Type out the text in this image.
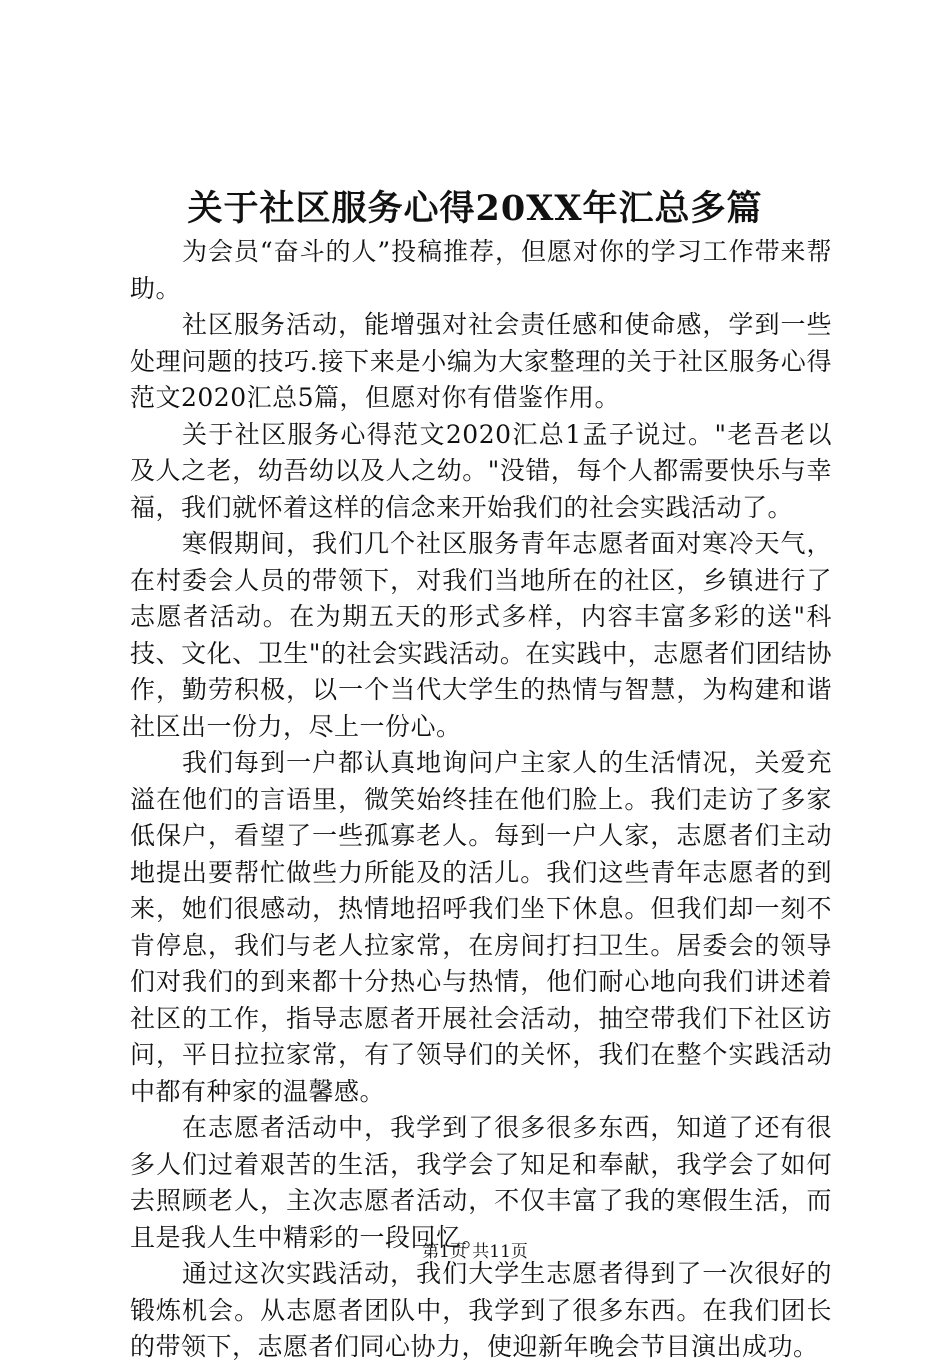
关于社区服务心得20XX年汇总多篇

为会员“奋斗的人”投稿推荐，但愿对你的学习工作带来帮助。

社区服务活动，能增强对社会责任感和使命感，学到一些处理问题的技巧.接下来是小编为大家整理的关于社区服务心得范文2020汇总5篇，但愿对你有借鉴作用。

关于社区服务心得范文2020汇总1孟子说过。"老吾老以及人之老，幼吾幼以及人之幼。"没错，每个人都需要快乐与幸福，我们就怀着这样的信念来开始我们的社会实践活动了。

寒假期间，我们几个社区服务青年志愿者面对寒冷天气，在村委会人员的带领下，对我们当地所在的社区，乡镇进行了志愿者活动。在为期五天的形式多样，内容丰富多彩的送"科技、文化、卫生"的社会实践活动。在实践中，志愿者们团结协作，勤劳积极，以一个当代大学生的热情与智慧，为构建和谐社区出一份力，尽上一份心。

我们每到一户都认真地询问户主家人的生活情况，关爱充溢在他们的言语里，微笑始终挂在他们脸上。我们走访了多家低保户，看望了一些孤寡老人。每到一户人家，志愿者们主动地提出要帮忙做些力所能及的活儿。我们这些青年志愿者的到来，她们很感动，热情地招呼我们坐下休息。但我们却一刻不肯停息，我们与老人拉家常，在房间打扫卫生。居委会的领导们对我们的到来都十分热心与热情，他们耐心地向我们讲述着社区的工作，指导志愿者开展社会活动，抽空带我们下社区访问，平日拉拉家常，有了领导们的关怀，我们在整个实践活动中都有种家的温馨感。

在志愿者活动中，我学到了很多很多东西，知道了还有很多人们过着艰苦的生活，我学会了知足和奉献，我学会了如何去照顾老人，主次志愿者活动，不仅丰富了我的寒假生活，而且是我人生中精彩的一段回忆。

通过这次实践活动，我们大学生志愿者得到了一次很好的锻炼机会。从志愿者团队中，我学到了很多东西。在我们团长的带领下，志愿者们同心协力，使迎新年晚会节目演出成功。

第1页 共11页
